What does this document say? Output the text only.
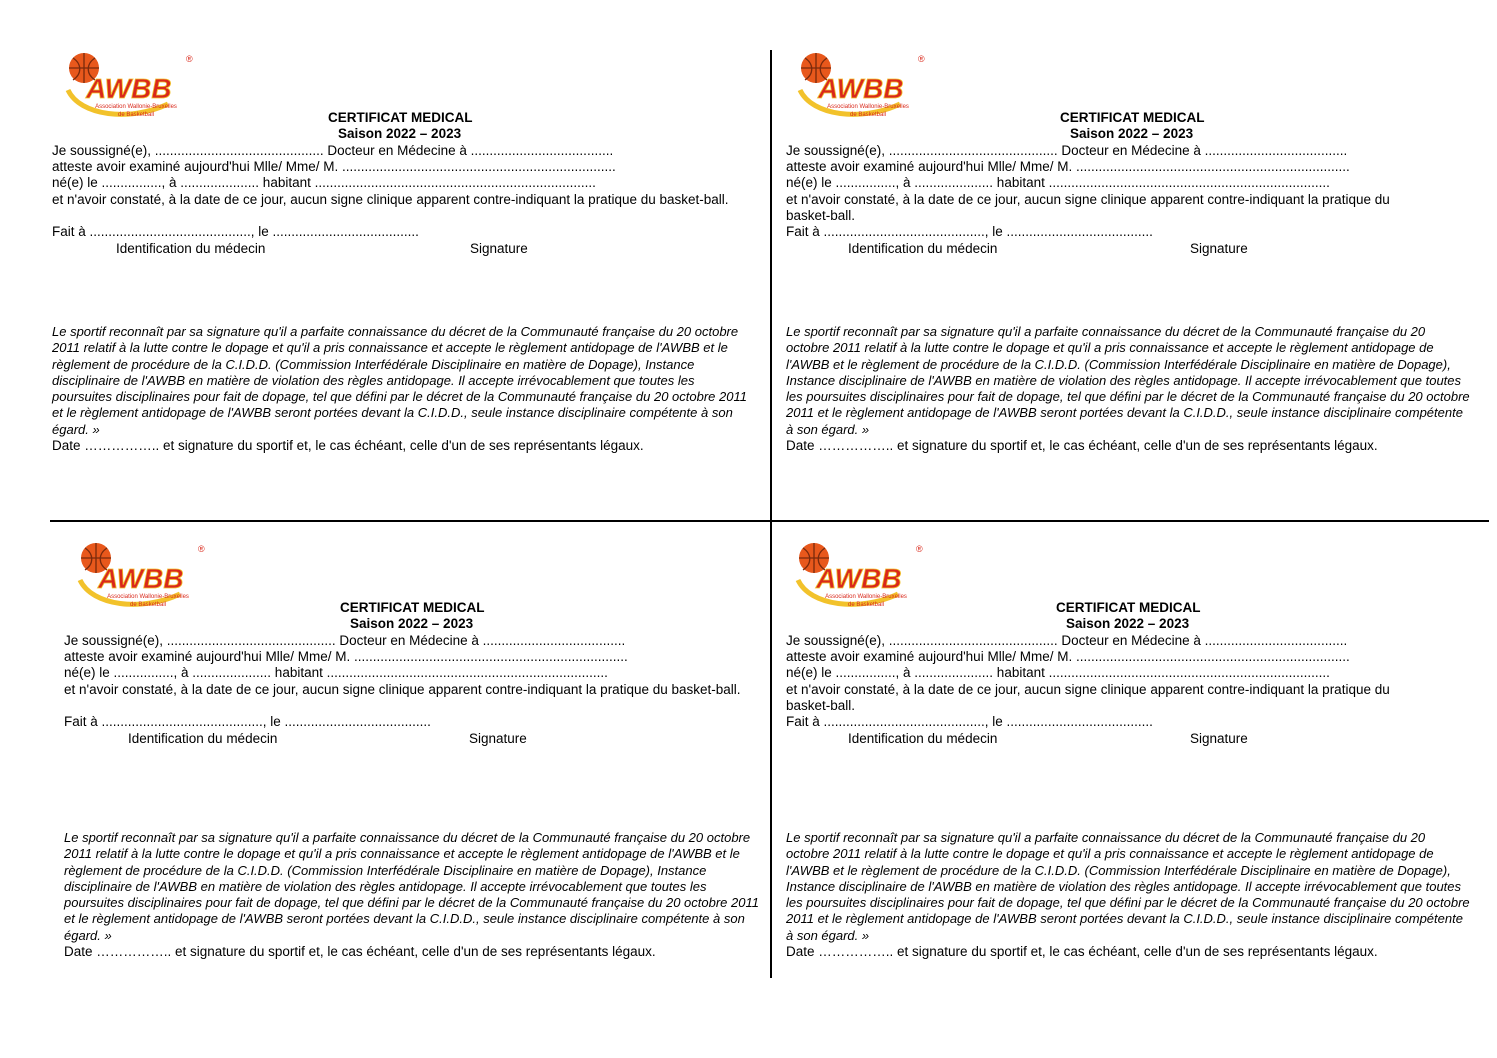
AWBB
®
Association Wallonie-Bruxelles
de Basketball	CERTIFICAT MEDICAL
Saison 2022 – 2023
Je soussigné(e), ............................................. Docteur en Médecine à ......................................
atteste avoir examiné aujourd'hui Mlle/ Mme/ M. .........................................................................
né(e) le ................, à ..................... habitant ...........................................................................
et n'avoir constaté, à la date de ce jour, aucun signe clinique apparent contre-indiquant la pratique du basket-ball.
Fait à ..........................................., le .......................................
Identification du médecin	Signature
Le sportif reconnaît par sa signature qu'il a parfaite connaissance du décret de la Communauté française du 20 octobre 2011 relatif à la lutte contre le dopage et qu'il a pris connaissance et accepte le règlement antidopage de l'AWBB et le règlement de procédure de la C.I.D.D. (Commission Interfédérale Disciplinaire en matière de Dopage), Instance disciplinaire de l'AWBB en matière de violation des règles antidopage. Il accepte irrévocablement que toutes les poursuites disciplinaires pour fait de dopage, tel que défini par le décret de la Communauté française du 20 octobre 2011 et le règlement antidopage de l'AWBB seront portées devant la C.I.D.D., seule instance disciplinaire compétente à son égard. »
Date …………….. et signature du sportif et, le cas échéant, celle d'un de ses représentants légaux.
AWBB
®
Association Wallonie-Bruxelles
de Basketball	CERTIFICAT MEDICAL
Saison 2022 – 2023
Je soussigné(e), ............................................. Docteur en Médecine à ......................................
atteste avoir examiné aujourd'hui Mlle/ Mme/ M. .........................................................................
né(e) le ................, à ..................... habitant ...........................................................................
et n'avoir constaté, à la date de ce jour, aucun signe clinique apparent contre-indiquant la pratique du basket-ball.
Fait à ..........................................., le .......................................
Identification du médecin	Signature
Le sportif reconnaît par sa signature qu'il a parfaite connaissance du décret de la Communauté française du 20 octobre 2011 relatif à la lutte contre le dopage et qu'il a pris connaissance et accepte le règlement antidopage de l'AWBB et le règlement de procédure de la C.I.D.D. (Commission Interfédérale Disciplinaire en matière de Dopage), Instance disciplinaire de l'AWBB en matière de violation des règles antidopage. Il accepte irrévocablement que toutes les poursuites disciplinaires pour fait de dopage, tel que défini par le décret de la Communauté française du 20 octobre 2011 et le règlement antidopage de l'AWBB seront portées devant la C.I.D.D., seule instance disciplinaire compétente à son égard. »
Date …………….. et signature du sportif et, le cas échéant, celle d'un de ses représentants légaux.
AWBB
®
Association Wallonie-Bruxelles
de Basketball	CERTIFICAT MEDICAL
Saison 2022 – 2023
Je soussigné(e), ............................................. Docteur en Médecine à ......................................
atteste avoir examiné aujourd'hui Mlle/ Mme/ M. .........................................................................
né(e) le ................, à ..................... habitant ...........................................................................
et n'avoir constaté, à la date de ce jour, aucun signe clinique apparent contre-indiquant la pratique du basket-ball.
Fait à ..........................................., le .......................................
Identification du médecin	Signature
Le sportif reconnaît par sa signature qu'il a parfaite connaissance du décret de la Communauté française du 20 octobre 2011 relatif à la lutte contre le dopage et qu'il a pris connaissance et accepte le règlement antidopage de l'AWBB et le règlement de procédure de la C.I.D.D. (Commission Interfédérale Disciplinaire en matière de Dopage), Instance disciplinaire de l'AWBB en matière de violation des règles antidopage. Il accepte irrévocablement que toutes les poursuites disciplinaires pour fait de dopage, tel que défini par le décret de la Communauté française du 20 octobre 2011 et le règlement antidopage de l'AWBB seront portées devant la C.I.D.D., seule instance disciplinaire compétente à son égard. »
Date …………….. et signature du sportif et, le cas échéant, celle d'un de ses représentants légaux.
AWBB
®
Association Wallonie-Bruxelles
de Basketball	CERTIFICAT MEDICAL
Saison 2022 – 2023
Je soussigné(e), ............................................. Docteur en Médecine à ......................................
atteste avoir examiné aujourd'hui Mlle/ Mme/ M. .........................................................................
né(e) le ................, à ..................... habitant ...........................................................................
et n'avoir constaté, à la date de ce jour, aucun signe clinique apparent contre-indiquant la pratique du basket-ball.
Fait à ..........................................., le .......................................
Identification du médecin	Signature
Le sportif reconnaît par sa signature qu'il a parfaite connaissance du décret de la Communauté française du 20 octobre 2011 relatif à la lutte contre le dopage et qu'il a pris connaissance et accepte le règlement antidopage de l'AWBB et le règlement de procédure de la C.I.D.D. (Commission Interfédérale Disciplinaire en matière de Dopage), Instance disciplinaire de l'AWBB en matière de violation des règles antidopage. Il accepte irrévocablement que toutes les poursuites disciplinaires pour fait de dopage, tel que défini par le décret de la Communauté française du 20 octobre 2011 et le règlement antidopage de l'AWBB seront portées devant la C.I.D.D., seule instance disciplinaire compétente à son égard. »
Date …………….. et signature du sportif et, le cas échéant, celle d'un de ses représentants légaux.
